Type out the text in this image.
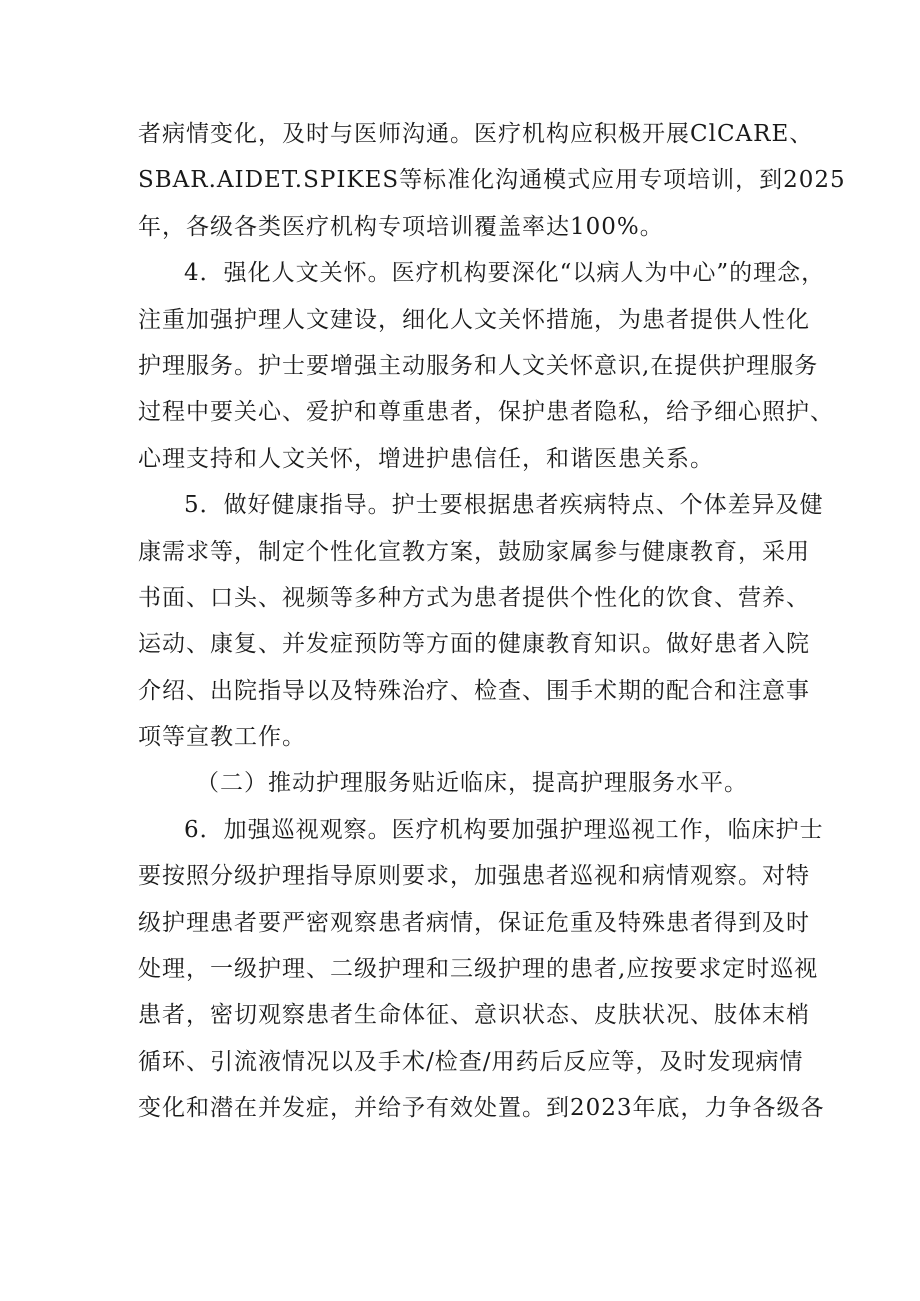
者病情变化，及时与医师沟通。医疗机构应积极开展ClCARE、
SBAR.AIDET.SPIKES等标准化沟通模式应用专项培训，到2025
年，各级各类医疗机构专项培训覆盖率达100%。
4．强化人文关怀。医疗机构要深化“以病人为中心”的理念，
注重加强护理人文建设，细化人文关怀措施，为患者提供人性化
护理服务。护士要增强主动服务和人文关怀意识,在提供护理服务
过程中要关心、爱护和尊重患者，保护患者隐私，给予细心照护、
心理支持和人文关怀，增进护患信任，和谐医患关系。
5．做好健康指导。护士要根据患者疾病特点、个体差异及健
康需求等，制定个性化宣教方案，鼓励家属参与健康教育，采用
书面、口头、视频等多种方式为患者提供个性化的饮食、营养、
运动、康复、并发症预防等方面的健康教育知识。做好患者入院
介绍、出院指导以及特殊治疗、检查、围手术期的配合和注意事
项等宣教工作。
（二）推动护理服务贴近临床，提高护理服务水平。
6．加强巡视观察。医疗机构要加强护理巡视工作，临床护士
要按照分级护理指导原则要求，加强患者巡视和病情观察。对特
级护理患者要严密观察患者病情，保证危重及特殊患者得到及时
处理，一级护理、二级护理和三级护理的患者,应按要求定时巡视
患者，密切观察患者生命体征、意识状态、皮肤状况、肢体末梢
循环、引流液情况以及手术/检查/用药后反应等，及时发现病情
变化和潜在并发症，并给予有效处置。到2023年底，力争各级各
